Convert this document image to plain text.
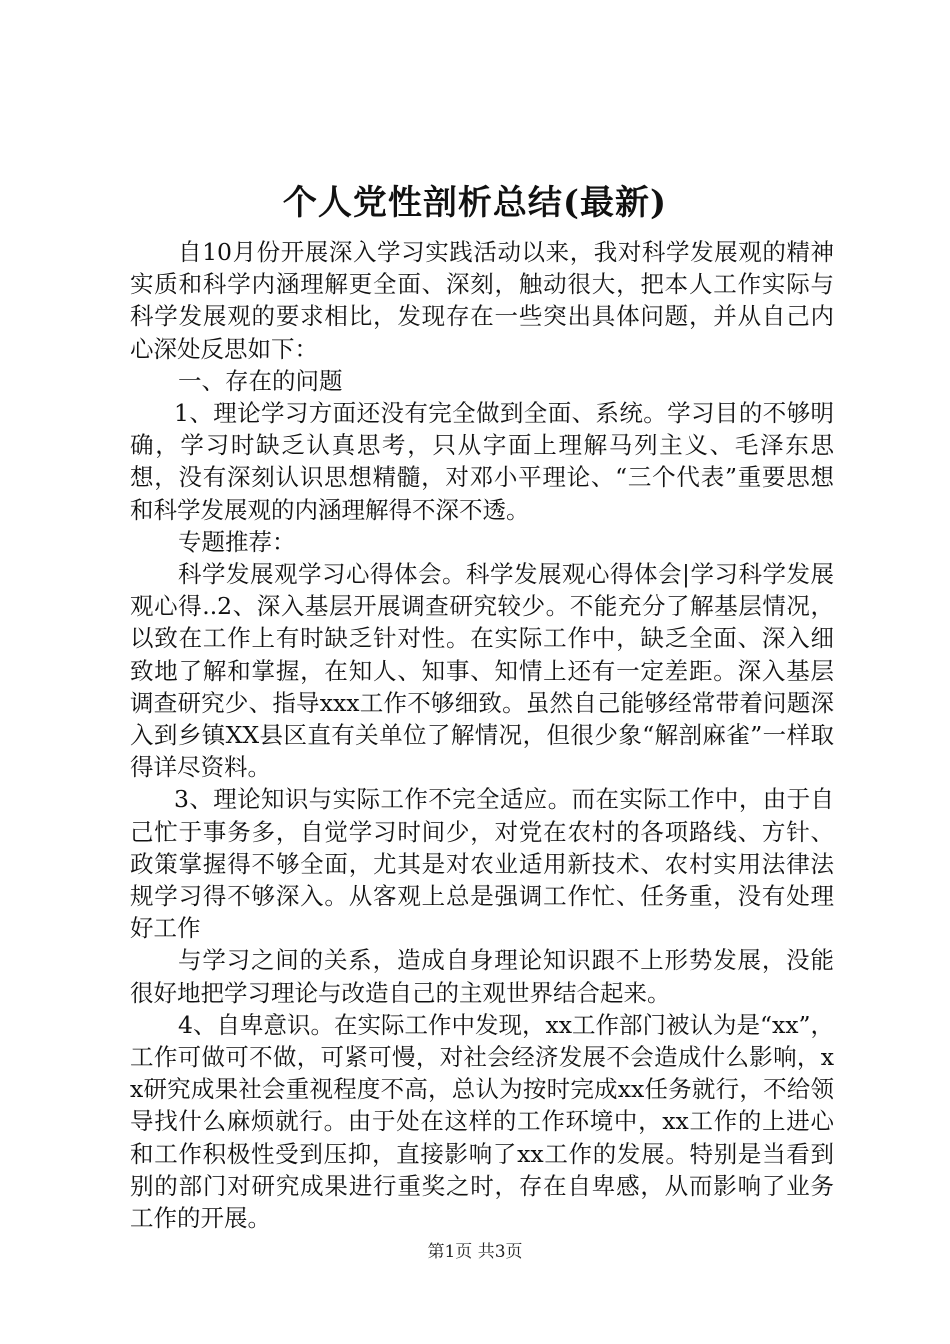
个人党性剖析总结(最新)

自10月份开展深入学习实践活动以来，我对科学发展观的精神实质和科学内涵理解更全面、深刻，触动很大，把本人工作实际与科学发展观的要求相比，发现存在一些突出具体问题，并从自己内心深处反思如下：

一、存在的问题

1、理论学习方面还没有完全做到全面、系统。学习目的不够明确，学习时缺乏认真思考，只从字面上理解马列主义、毛泽东思想，没有深刻认识思想精髓，对邓小平理论、“三个代表”重要思想和科学发展观的内涵理解得不深不透。

专题推荐：

科学发展观学习心得体会。科学发展观心得体会|学习科学发展观心得..2、深入基层开展调查研究较少。不能充分了解基层情况，以致在工作上有时缺乏针对性。在实际工作中，缺乏全面、深入细致地了解和掌握，在知人、知事、知情上还有一定差距。深入基层调查研究少、指导xxx工作不够细致。虽然自己能够经常带着问题深入到乡镇XX县区直有关单位了解情况，但很少象“解剖麻雀”一样取得详尽资料。

3、理论知识与实际工作不完全适应。而在实际工作中，由于自己忙于事务多，自觉学习时间少，对党在农村的各项路线、方针、政策掌握得不够全面，尤其是对农业适用新技术、农村实用法律法规学习得不够深入。从客观上总是强调工作忙、任务重，没有处理好工作

与学习之间的关系，造成自身理论知识跟不上形势发展，没能很好地把学习理论与改造自己的主观世界结合起来。

4、自卑意识。在实际工作中发现，xx工作部门被认为是“xx”，工作可做可不做，可紧可慢，对社会经济发展不会造成什么影响，xx研究成果社会重视程度不高，总认为按时完成xx任务就行，不给领导找什么麻烦就行。由于处在这样的工作环境中，xx工作的上进心和工作积极性受到压抑，直接影响了xx工作的发展。特别是当看到别的部门对研究成果进行重奖之时，存在自卑感，从而影响了业务工作的开展。

第1页 共3页
